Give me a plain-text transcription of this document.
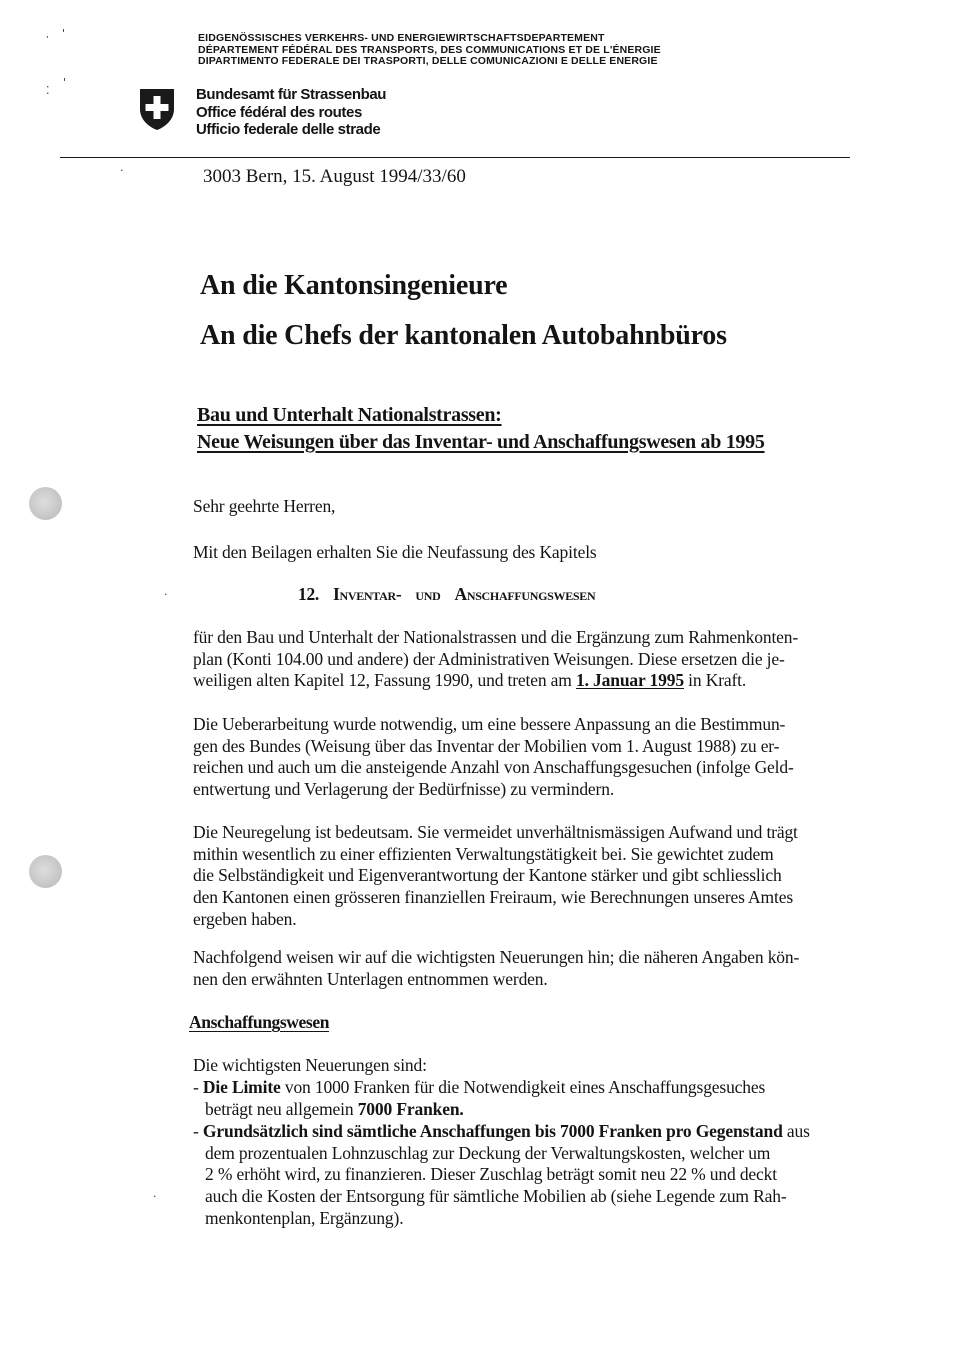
⸱ '
⁚
'
EIDGENÖSSISCHES VERKEHRS- UND ENERGIEWIRTSCHAFTSDEPARTEMENT
DÉPARTEMENT FÉDÉRAL DES TRANSPORTS, DES COMMUNICATIONS ET DE L'ÉNERGIE
DIPARTIMENTO FEDERALE DEI TRASPORTI, DELLE COMUNICAZIONI E DELLE ENERGIE
Bundesamt für Strassenbau
Office fédéral des routes
Ufficio federale delle strade
3003 Bern, 15. August 1994/33/60
An die Kantonsingenieure
An die Chefs der kantonalen Autobahnbüros
Bau und Unterhalt Nationalstrassen:
Neue Weisungen über das Inventar- und Anschaffungswesen ab 1995
Sehr geehrte Herren,
Mit den Beilagen erhalten Sie die Neufassung des Kapitels
12. Inventar- und Anschaffungswesen
für den Bau und Unterhalt der Nationalstrassen und die Ergänzung zum Rahmenkonten-
plan (Konti 104.00 und andere) der Administrativen Weisungen. Diese ersetzen die je-
weiligen alten Kapitel 12, Fassung 1990, und treten am 1. Januar 1995 in Kraft.
Die Ueberarbeitung wurde notwendig, um eine bessere Anpassung an die Bestimmun-
gen des Bundes (Weisung über das Inventar der Mobilien vom 1. August 1988) zu er-
reichen und auch um die ansteigende Anzahl von Anschaffungsgesuchen (infolge Geld-
entwertung und Verlagerung der Bedürfnisse) zu vermindern.
Die Neuregelung ist bedeutsam. Sie vermeidet unverhältnismässigen Aufwand und trägt
mithin wesentlich zu einer effizienten Verwaltungstätigkeit bei. Sie gewichtet zudem
die Selbständigkeit und Eigenverantwortung der Kantone stärker und gibt schliesslich
den Kantonen einen grösseren finanziellen Freiraum, wie Berechnungen unseres Amtes
ergeben haben.
Nachfolgend weisen wir auf die wichtigsten Neuerungen hin; die näheren Angaben kön-
nen den erwähnten Unterlagen entnommen werden.
Anschaffungswesen
Die wichtigsten Neuerungen sind:
- Die Limite von 1000 Franken für die Notwendigkeit eines Anschaffungsgesuches
beträgt neu allgemein 7000 Franken.
- Grundsätzlich sind sämtliche Anschaffungen bis 7000 Franken pro Gegenstand aus
dem prozentualen Lohnzuschlag zur Deckung der Verwaltungskosten, welcher um
2 % erhöht wird, zu finanzieren. Dieser Zuschlag beträgt somit neu 22 % und deckt
auch die Kosten der Entsorgung für sämtliche Mobilien ab (siehe Legende zum Rah-
menkontenplan, Ergänzung).
·
·
·
